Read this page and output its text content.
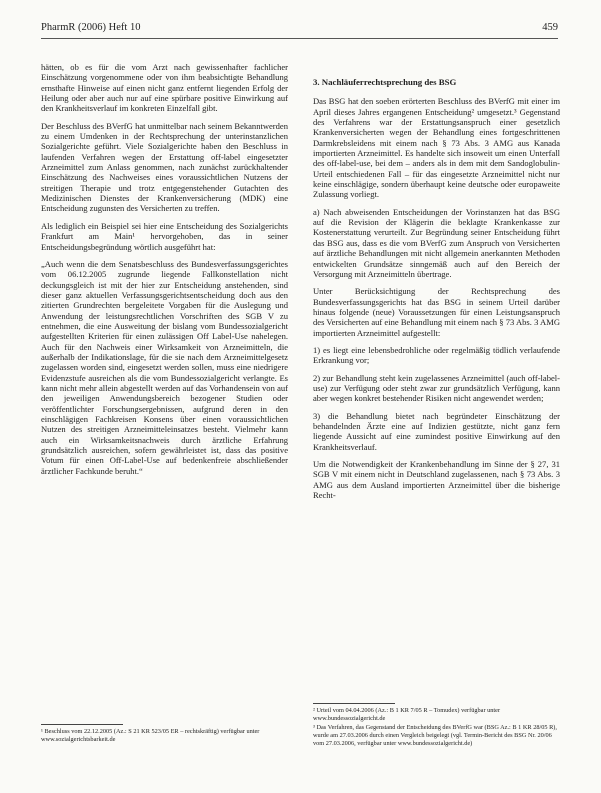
PharmR (2006) Heft 10	459

hätten, ob es für die vom Arzt nach gewissenhafter fachlicher Einschätzung vorgenommene oder von ihm beabsichtigte Behandlung ernsthafte Hinweise auf einen nicht ganz entfernt liegenden Erfolg der Heilung oder aber auch nur auf eine spürbare positive Einwirkung auf den Krankheitsverlauf im konkreten Einzelfall gibt.

Der Beschluss des BVerfG hat unmittelbar nach seinem Bekanntwerden zu einem Umdenken in der Rechtsprechung der unterinstanzlichen Sozialgerichte geführt. Viele Sozialgerichte haben den Beschluss in laufenden Verfahren wegen der Erstattung off-label eingesetzter Arzneimittel zum Anlass genommen, nach zunächst zurückhaltender Einschätzung des Nachweises eines voraussichtlichen Nutzens der streitigen Therapie und trotz entgegenstehender Gutachten des Medizinischen Dienstes der Krankenversicherung (MDK) eine Entscheidung zugunsten des Versicherten zu treffen.

Als lediglich ein Beispiel sei hier eine Entscheidung des Sozialgerichts Frankfurt am Main¹ hervorgehoben, das in seiner Entscheidungsbegründung wörtlich ausgeführt hat:

„Auch wenn die dem Senatsbeschluss des Bundesverfassungsgerichtes vom 06.12.2005 zugrunde liegende Fallkonstellation nicht deckungsgleich ist mit der hier zur Entscheidung anstehenden, sind dieser ganz aktuellen Verfassungsgerichtsentscheidung doch aus den zitierten Grundrechten bergeleitete Vorgaben für die Auslegung und Anwendung der leistungsrechtlichen Vorschriften des SGB V zu entnehmen, die eine Ausweitung der bislang vom Bundessozialgericht aufgestellten Kriterien für einen zulässigen Off Label-Use nahelegen. Auch für den Nachweis einer Wirksamkeit von Arzneimitteln, die außerhalb der Indikationslage, für die sie nach dem Arzneimittelgesetz zugelassen worden sind, eingesetzt werden sollen, muss eine niedrigere Evidenzstufe ausreichen als die vom Bundessozialgericht verlangte. Es kann nicht mehr allein abgestellt werden auf das Vorhandensein von auf den jeweiligen Anwendungsbereich bezogener Studien oder veröffentlichter Forschungsergebnissen, aufgrund deren in den einschlägigen Fachkreisen Konsens über einen voraussichtlichen Nutzen des streitigen Arzneimitteleinsatzes besteht. Vielmehr kann auch ein Wirksamkeitsnachweis durch ärztliche Erfahrung grundsätzlich ausreichen, sofern gewährleistet ist, dass das positive Votum für einen Off-Label-Use auf bedenkenfreie abschließender ärztlicher Fachkunde beruht.“

3. Nachläuferrechtsprechung des BSG

Das BSG hat den soeben erörterten Beschluss des BVerfG mit einer im April dieses Jahres ergangenen Entscheidung² umgesetzt.³ Gegenstand des Verfahrens war der Erstattungsanspruch einer gesetzlich Krankenversicherten wegen der Behandlung eines fortgeschrittenen Darmkrebsleidens mit einem nach § 73 Abs. 3 AMG aus Kanada importierten Arzneimittel. Es handelte sich insoweit um einen Unterfall des off-label-use, bei dem – anders als in dem mit dem Sandoglobulin-Urteil entschiedenen Fall – für das eingesetzte Arzneimittel nicht nur keine einschlägige, sondern überhaupt keine deutsche oder europaweite Zulassung vorliegt.

a) Nach abweisenden Entscheidungen der Vorinstanzen hat das BSG auf die Revision der Klägerin die beklagte Krankenkasse zur Kostenerstattung verurteilt. Zur Begründung seiner Entscheidung führt das BSG aus, dass es die vom BVerfG zum Anspruch von Versicherten auf ärztliche Behandlungen mit nicht allgemein anerkannten Methoden entwickelten Grundsätze sinngemäß auch auf den Bereich der Versorgung mit Arzneimitteln übertrage.

Unter Berücksichtigung der Rechtsprechung des Bundesverfassungsgerichts hat das BSG in seinem Urteil darüber hinaus folgende (neue) Voraussetzungen für einen Leistungsanspruch des Versicherten auf eine Behandlung mit einem nach § 73 Abs. 3 AMG importierten Arzneimittel aufgestellt:

1) es liegt eine lebensbedrohliche oder regelmäßig tödlich verlaufende Erkrankung vor;

2) zur Behandlung steht kein zugelassenes Arzneimittel (auch off-label-use) zur Verfügung oder steht zwar zur grundsätzlich Verfügung, kann aber wegen konkret bestehender Risiken nicht angewendet werden;

3) die Behandlung bietet nach begründeter Einschätzung der behandelnden Ärzte eine auf Indizien gestützte, nicht ganz fern liegende Aussicht auf eine zumindest positive Einwirkung auf den Krankheitsverlauf.

Um die Notwendigkeit der Krankenbehandlung im Sinne der § 27, 31 SGB V mit einem nicht in Deutschland zugelassenen, nach § 73 Abs. 3 AMG aus dem Ausland importierten Arzneimittel über die bisherige Recht-

¹ Beschluss vom 22.12.2005 (Az.: S 21 KR 523/05 ER – rechtskräftig) verfügbar unter www.sozialgerichtsbarkeit.de

² Urteil vom 04.04.2006 (Az.: B 1 KR 7/05 R – Tomudex) verfügbar unter www.bundessozialgericht.de

³ Das Verfahren, das Gegenstand der Entscheidung des BVerfG war (BSG Az.: B 1 KR 28/05 R), wurde am 27.03.2006 durch einen Vergleich beigelegt (vgl. Termin-Bericht des BSG Nr. 20/06 vom 27.03.2006, verfügbar unter www.bundessozialgericht.de)
